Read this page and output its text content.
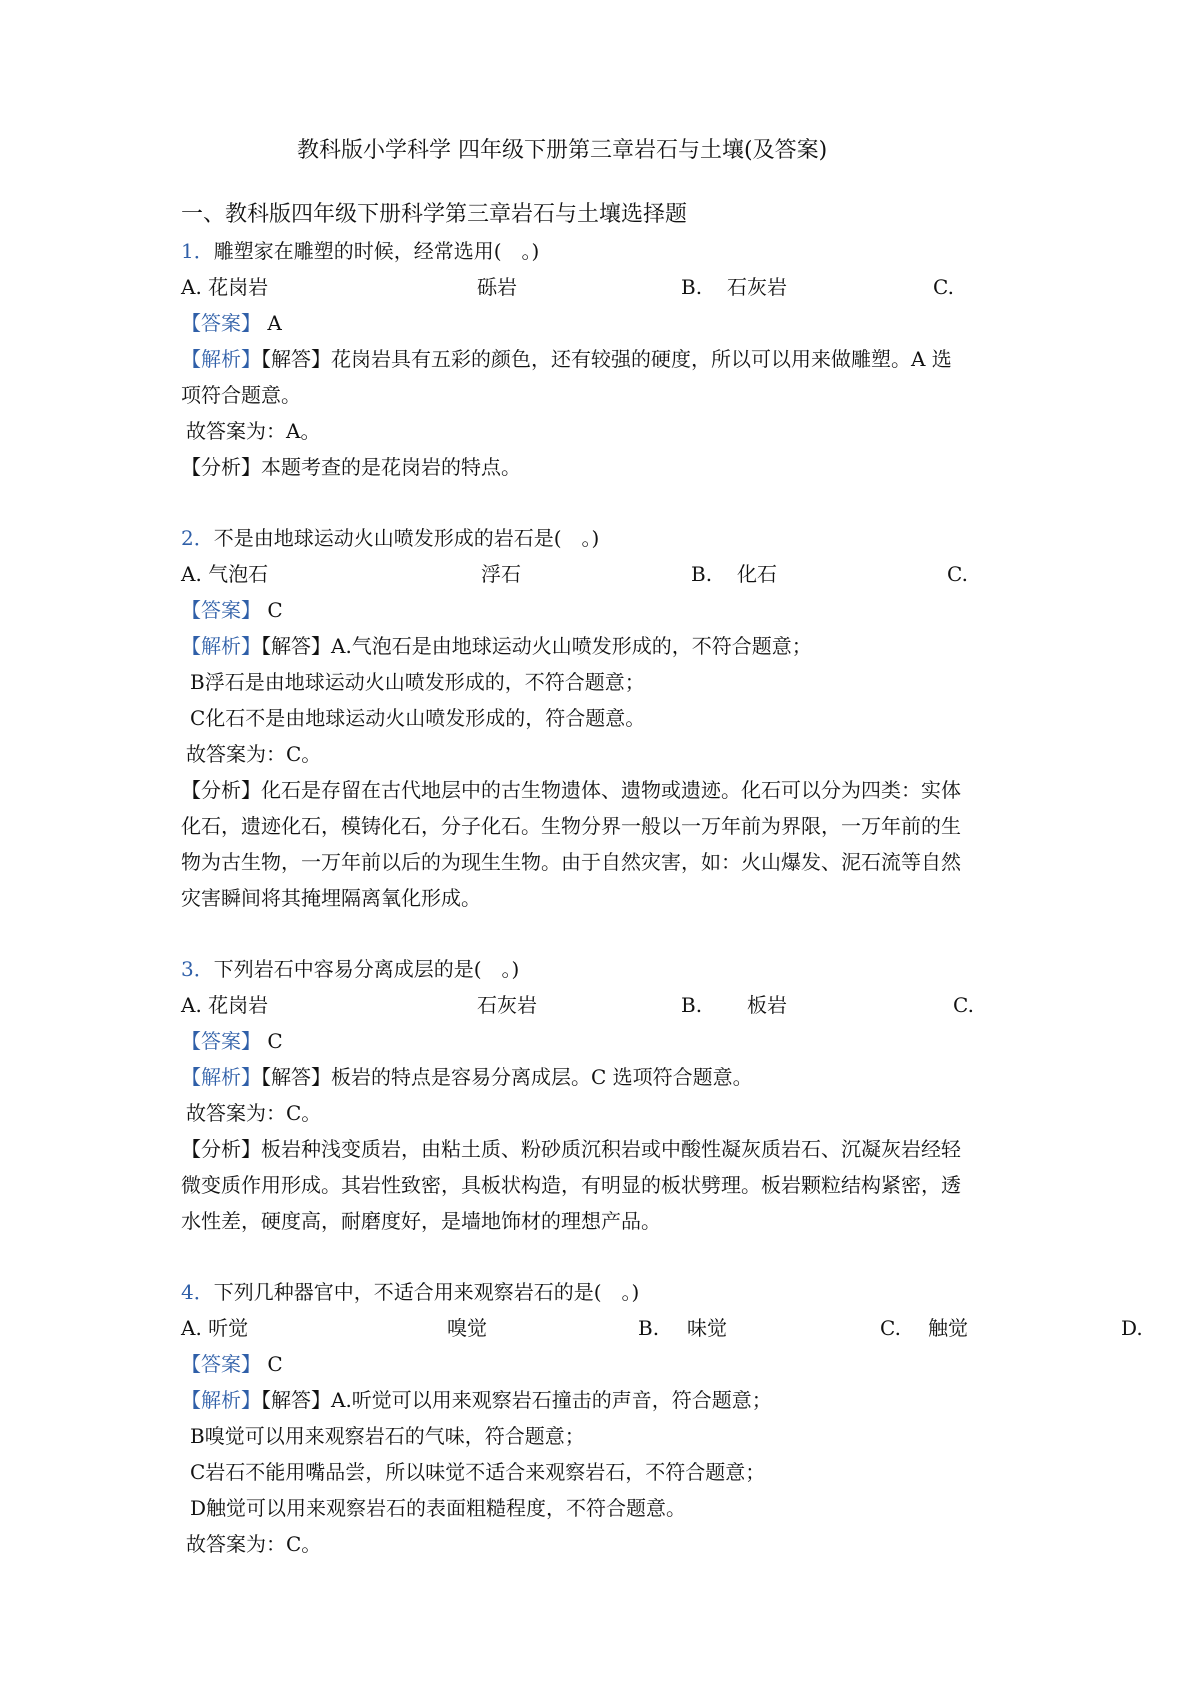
教科版小学科学 四年级下册第三章岩石与土壤(及答案)
一、教科版四年级下册科学第三章岩石与土壤选择题
1．雕塑家在雕塑的时候，经常选用(　。)
A. 花岗岩	砾岩	B. 石灰岩	C.
【答案】 A
【解析】【解答】花岗岩具有五彩的颜色，还有较强的硬度，所以可以用来做雕塑。A 选
项符合题意。
故答案为：A。
【分析】本题考查的是花岗岩的特点。
2．不是由地球运动火山喷发形成的岩石是(　。)
A. 气泡石	浮石	B. 化石	C.
【答案】 C
【解析】【解答】A.气泡石是由地球运动火山喷发形成的，不符合题意；
B浮石是由地球运动火山喷发形成的，不符合题意；
C化石不是由地球运动火山喷发形成的，符合题意。
故答案为：C。
【分析】化石是存留在古代地层中的古生物遗体、遗物或遗迹。化石可以分为四类：实体
化石，遗迹化石，模铸化石，分子化石。生物分界一般以一万年前为界限，一万年前的生
物为古生物，一万年前以后的为现生生物。由于自然灾害，如：火山爆发、泥石流等自然
灾害瞬间将其掩埋隔离氧化形成。
3．下列岩石中容易分离成层的是(　。)
A. 花岗岩	石灰岩	B. 板岩	C.
【答案】 C
【解析】【解答】板岩的特点是容易分离成层。C 选项符合题意。
故答案为：C。
【分析】板岩种浅变质岩，由粘土质、粉砂质沉积岩或中酸性凝灰质岩石、沉凝灰岩经轻
微变质作用形成。其岩性致密，具板状构造，有明显的板状劈理。板岩颗粒结构紧密，透
水性差，硬度高，耐磨度好，是墙地饰材的理想产品。
4．下列几种器官中，不适合用来观察岩石的是(　。)
A. 听觉	嗅觉	B. 味觉	C. 触觉	D.
【答案】 C
【解析】【解答】A.听觉可以用来观察岩石撞击的声音，符合题意；
B嗅觉可以用来观察岩石的气味，符合题意；
C岩石不能用嘴品尝，所以味觉不适合来观察岩石，不符合题意；
D触觉可以用来观察岩石的表面粗糙程度，不符合题意。
故答案为：C。
